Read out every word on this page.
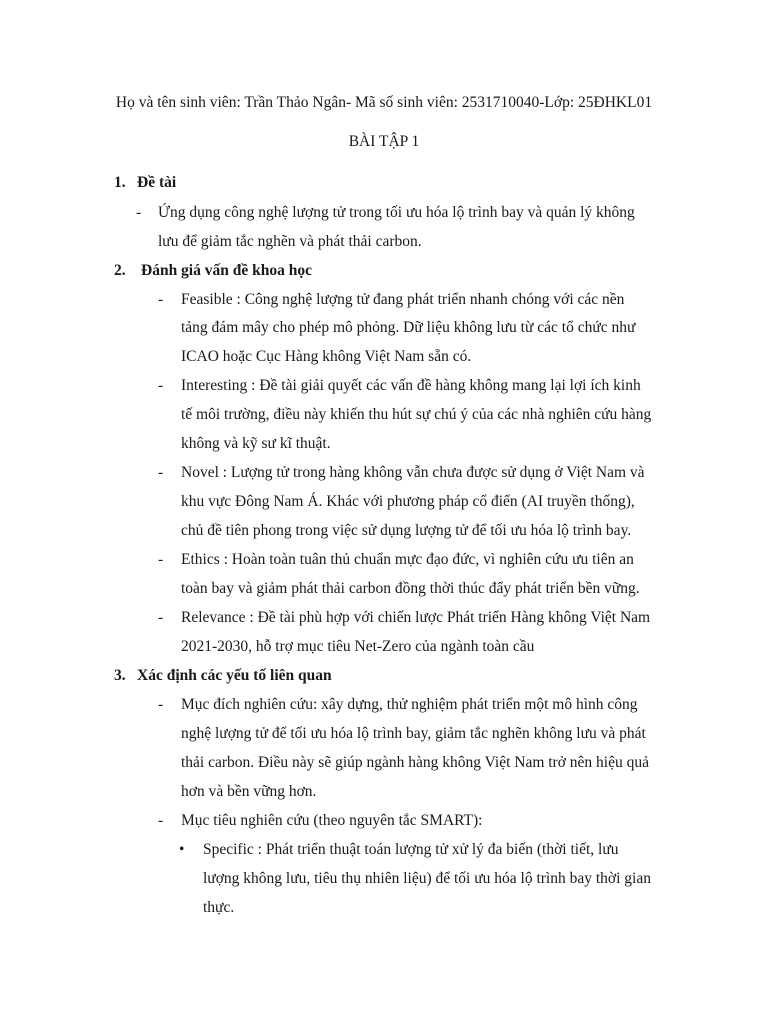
Họ và tên sinh viên: Trần Thảo Ngân- Mã số sinh viên: 2531710040-Lớp: 25ĐHKL01
BÀI TẬP 1
1. Đề tài
- Ứng dụng công nghệ lượng tử trong tối ưu hóa lộ trình bay và quản lý không
lưu để giảm tắc nghẽn và phát thải carbon.
2. Đánh giá vấn đề khoa học
- Feasible : Công nghệ lượng tử đang phát triển nhanh chóng với các nền
tảng đám mây cho phép mô phỏng. Dữ liệu không lưu từ các tổ chức như
ICAO hoặc Cục Hàng không Việt Nam sẵn có.
- Interesting : Đề tài giải quyết các vấn đề hàng không mang lại lợi ích kinh
tế môi trường, điều này khiến thu hút sự chú ý của các nhà nghiên cứu hàng
không và kỹ sư kĩ thuật.
- Novel : Lượng tử trong hàng không vẫn chưa được sử dụng ở Việt Nam và
khu vực Đông Nam Á. Khác với phương pháp cổ điển (AI truyền thống),
chủ đề tiên phong trong việc sử dụng lượng tử để tối ưu hóa lộ trình bay.
- Ethics : Hoàn toàn tuân thủ chuẩn mực đạo đức, vì nghiên cứu ưu tiên an
toàn bay và giảm phát thải carbon đồng thời thúc đẩy phát triển bền vững.
- Relevance : Đề tài phù hợp với chiến lược Phát triển Hàng không Việt Nam
2021-2030, hỗ trợ mục tiêu Net-Zero của ngành toàn cầu
3. Xác định các yếu tố liên quan
- Mục đích nghiên cứu: xây dựng, thử nghiệm phát triển một mô hình công
nghệ lượng tử để tối ưu hóa lộ trình bay, giảm tắc nghẽn không lưu và phát
thải carbon. Điều này sẽ giúp ngành hàng không Việt Nam trở nên hiệu quả
hơn và bền vững hơn.
- Mục tiêu nghiên cứu (theo nguyên tắc SMART):
• Specific : Phát triển thuật toán lượng tử xử lý đa biến (thời tiết, lưu
lượng không lưu, tiêu thụ nhiên liệu) để tối ưu hóa lộ trình bay thời gian
thực.
